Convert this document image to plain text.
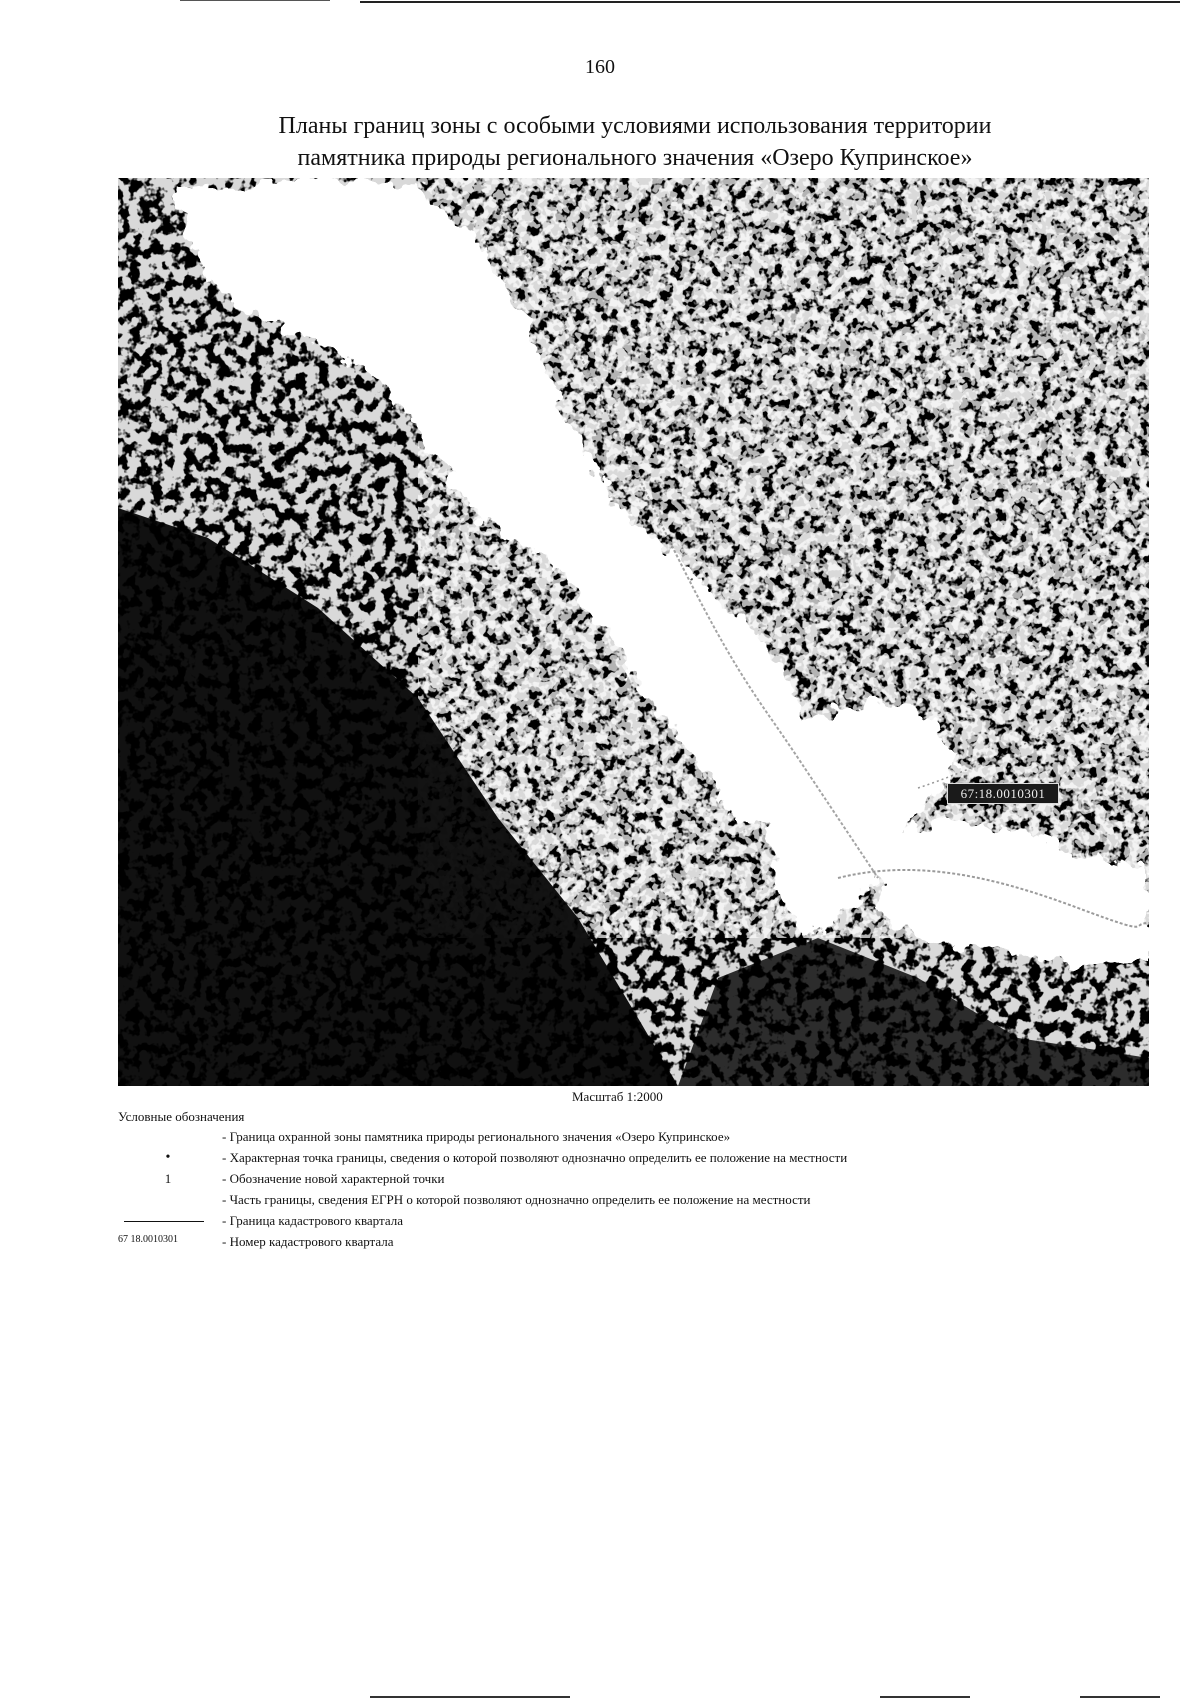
160
Планы границ зоны с особыми условиями использования территории
памятника природы регионального значения «Озеро Купринское»
67:18.0010301
Масштаб 1:2000
Условные обозначения
- Граница охранной зоны памятника природы регионального значения «Озеро Купринское»
•	- Характерная точка границы, сведения о которой позволяют однозначно определить ее положение на местности
1	- Обозначение новой характерной точки
- Часть границы, сведения ЕГРН о которой позволяют однозначно определить ее положение на местности
- Граница кадастрового квартала
67 18.0010301	- Номер кадастрового квартала
